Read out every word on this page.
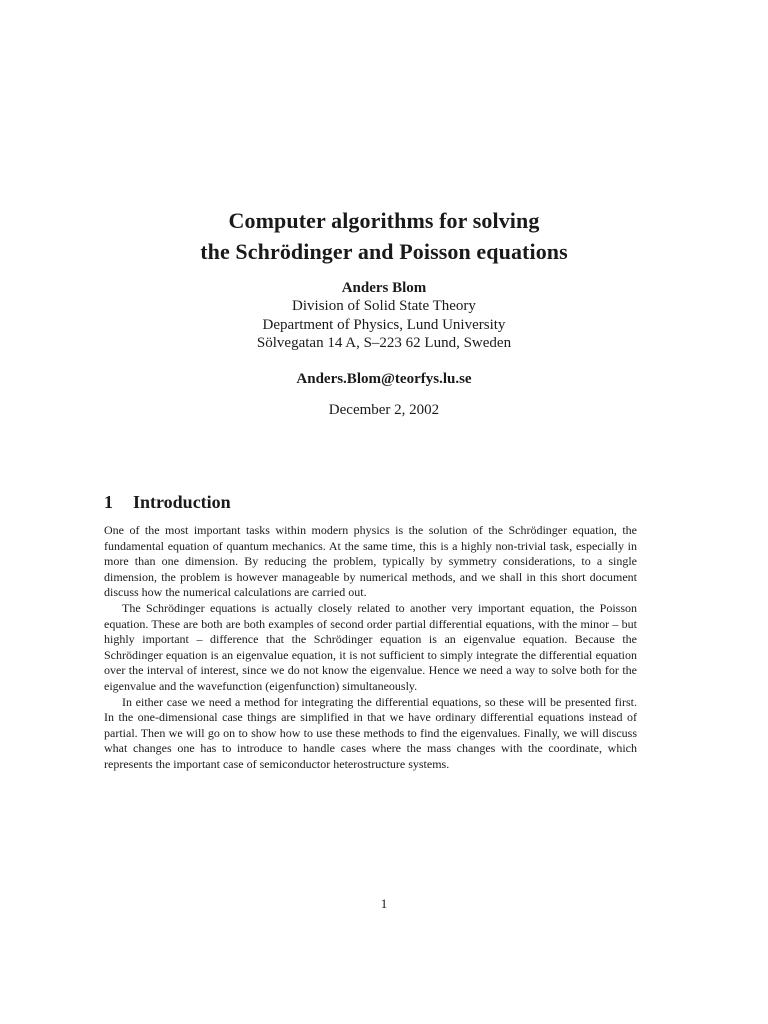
Computer algorithms for solving
the Schrödinger and Poisson equations
Anders Blom
Division of Solid State Theory
Department of Physics, Lund University
Sölvegatan 14 A, S–223 62 Lund, Sweden
Anders.Blom@teorfys.lu.se
December 2, 2002
1 Introduction

One of the most important tasks within modern physics is the solution of the Schrödinger equation, the fundamental equation of quantum mechanics. At the same time, this is a highly non-trivial task, especially in more than one dimension. By reducing the problem, typically by symmetry considerations, to a single dimension, the problem is however manageable by numerical methods, and we shall in this short document discuss how the numerical calculations are carried out.

The Schrödinger equations is actually closely related to another very important equation, the Poisson equation. These are both are both examples of second order partial differential equations, with the minor – but highly important – difference that the Schrödinger equation is an eigenvalue equation. Because the Schrödinger equation is an eigenvalue equation, it is not sufficient to simply integrate the differential equation over the interval of interest, since we do not know the eigenvalue. Hence we need a way to solve both for the eigenvalue and the wavefunction (eigenfunction) simultaneously.

In either case we need a method for integrating the differential equations, so these will be presented first. In the one-dimensional case things are simplified in that we have ordinary differential equations instead of partial. Then we will go on to show how to use these methods to find the eigenvalues. Finally, we will discuss what changes one has to introduce to handle cases where the mass changes with the coordinate, which represents the important case of semiconductor heterostructure systems.

1
